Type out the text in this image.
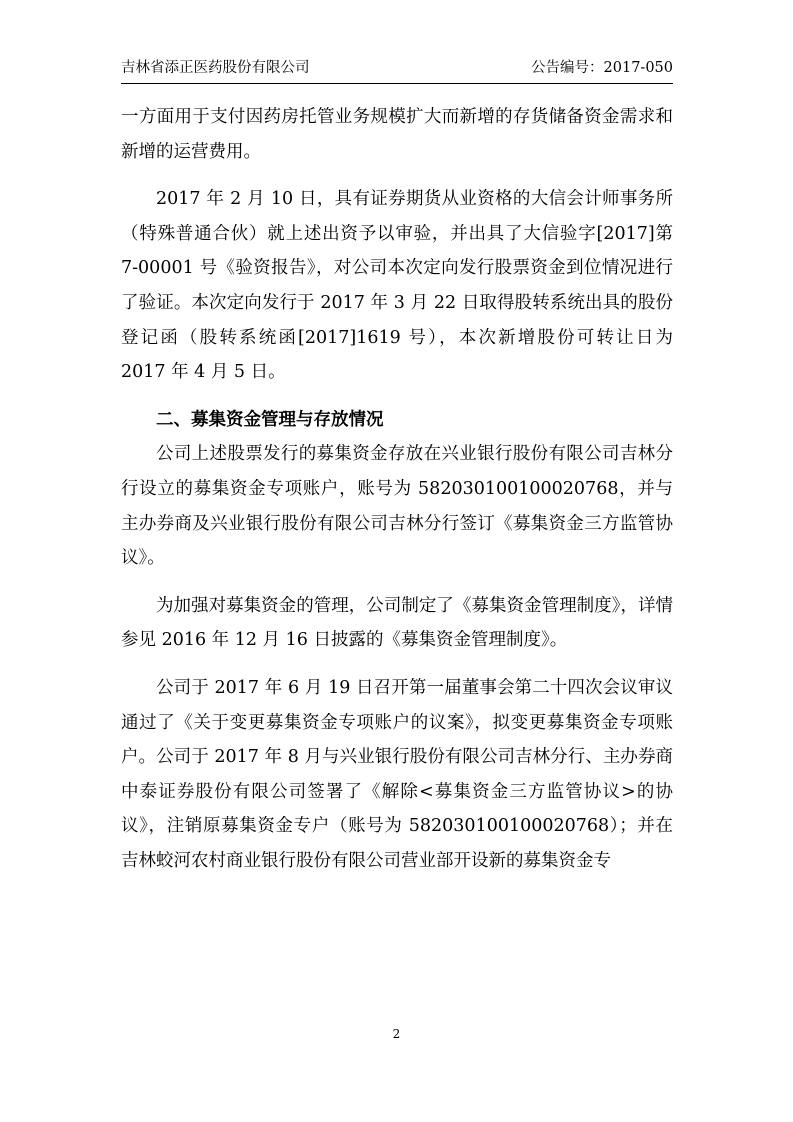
吉林省添正医药股份有限公司	公告编号：2017-050

一方面用于支付因药房托管业务规模扩大而新增的存货储备资金需求和新增的运营费用。

2017 年 2 月 10 日，具有证券期货从业资格的大信会计师事务所（特殊普通合伙）就上述出资予以审验，并出具了大信验字[2017]第 7-00001 号《验资报告》，对公司本次定向发行股票资金到位情况进行了验证。本次定向发行于 2017 年 3 月 22 日取得股转系统出具的股份登记函（股转系统函[2017]1619 号），本次新增股份可转让日为 2017 年 4 月 5 日。

二、募集资金管理与存放情况

公司上述股票发行的募集资金存放在兴业银行股份有限公司吉林分行设立的募集资金专项账户，账号为 582030100100020768，并与主办券商及兴业银行股份有限公司吉林分行签订《募集资金三方监管协议》。

为加强对募集资金的管理，公司制定了《募集资金管理制度》，详情参见 2016 年 12 月 16 日披露的《募集资金管理制度》。

公司于 2017 年 6 月 19 日召开第一届董事会第二十四次会议审议通过了《关于变更募集资金专项账户的议案》，拟变更募集资金专项账户。公司于 2017 年 8 月与兴业银行股份有限公司吉林分行、主办券商中泰证券股份有限公司签署了《解除<募集资金三方监管协议>的协议》，注销原募集资金专户（账号为 582030100100020768）；并在吉林蛟河农村商业银行股份有限公司营业部开设新的募集资金专

2
